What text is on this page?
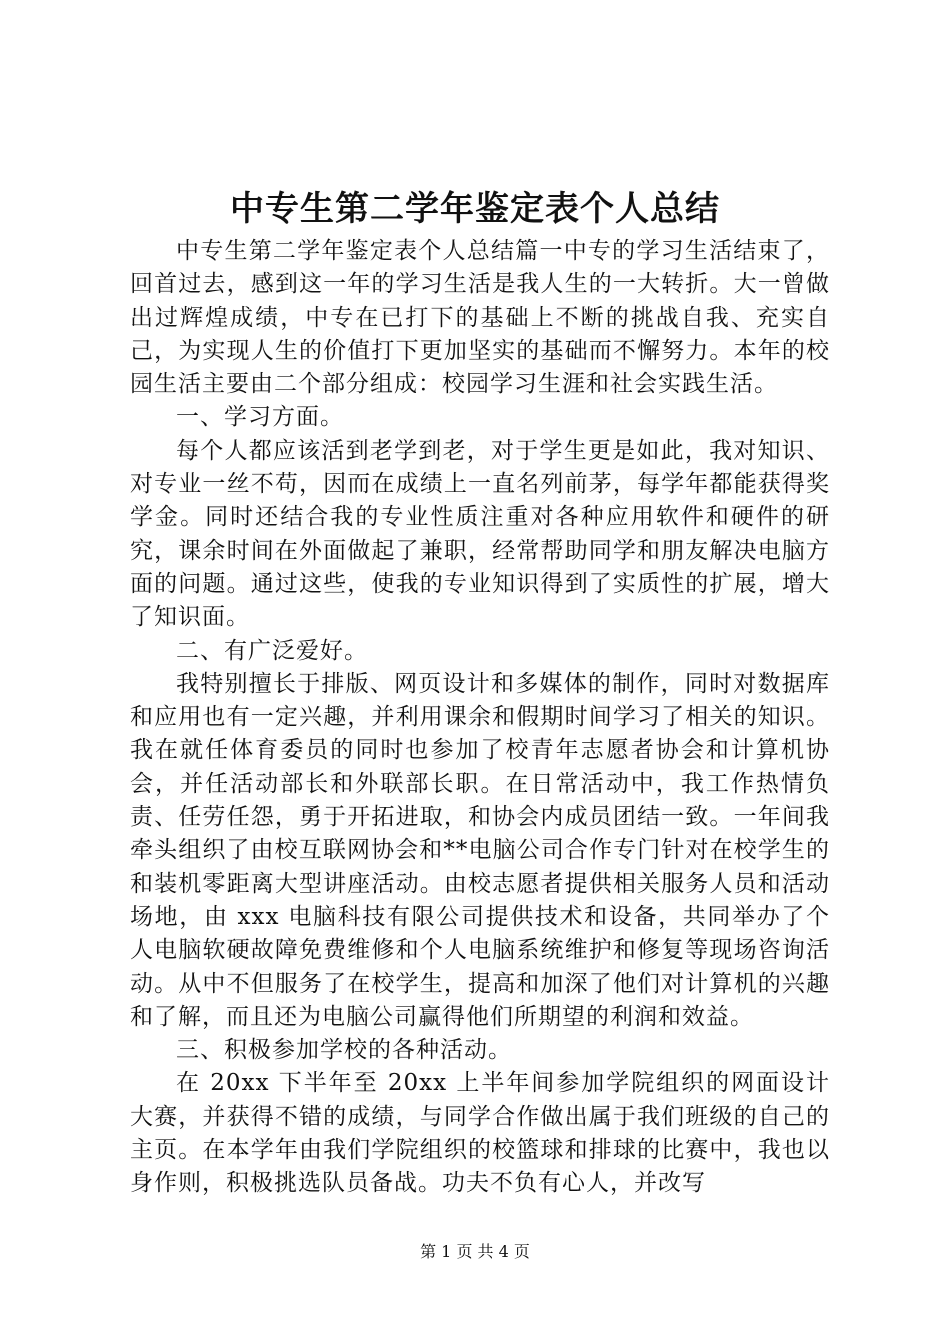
中专生第二学年鉴定表个人总结

中专生第二学年鉴定表个人总结篇一中专的学习生活结束了，回首过去，感到这一年的学习生活是我人生的一大转折。大一曾做出过辉煌成绩，中专在已打下的基础上不断的挑战自我、充实自己，为实现人生的价值打下更加坚实的基础而不懈努力。本年的校园生活主要由二个部分组成：校园学习生涯和社会实践生活。

一、学习方面。

每个人都应该活到老学到老，对于学生更是如此，我对知识、对专业一丝不苟，因而在成绩上一直名列前茅，每学年都能获得奖学金。同时还结合我的专业性质注重对各种应用软件和硬件的研究，课余时间在外面做起了兼职，经常帮助同学和朋友解决电脑方面的问题。通过这些，使我的专业知识得到了实质性的扩展，增大了知识面。

二、有广泛爱好。

我特别擅长于排版、网页设计和多媒体的制作，同时对数据库和应用也有一定兴趣，并利用课余和假期时间学习了相关的知识。我在就任体育委员的同时也参加了校青年志愿者协会和计算机协会，并任活动部长和外联部长职。在日常活动中，我工作热情负责、任劳任怨，勇于开拓进取，和协会内成员团结一致。一年间我牵头组织了由校互联网协会和**电脑公司合作专门针对在校学生的和装机零距离大型讲座活动。由校志愿者提供相关服务人员和活动场地，由 xxx 电脑科技有限公司提供技术和设备，共同举办了个人电脑软硬故障免费维修和个人电脑系统维护和修复等现场咨询活动。从中不但服务了在校学生，提高和加深了他们对计算机的兴趣和了解，而且还为电脑公司赢得他们所期望的利润和效益。

三、积极参加学校的各种活动。

在 20xx 下半年至 20xx 上半年间参加学院组织的网面设计大赛，并获得不错的成绩，与同学合作做出属于我们班级的自己的主页。在本学年由我们学院组织的校篮球和排球的比赛中，我也以身作则，积极挑选队员备战。功夫不负有心人，并改写

第 1 页 共 4 页
